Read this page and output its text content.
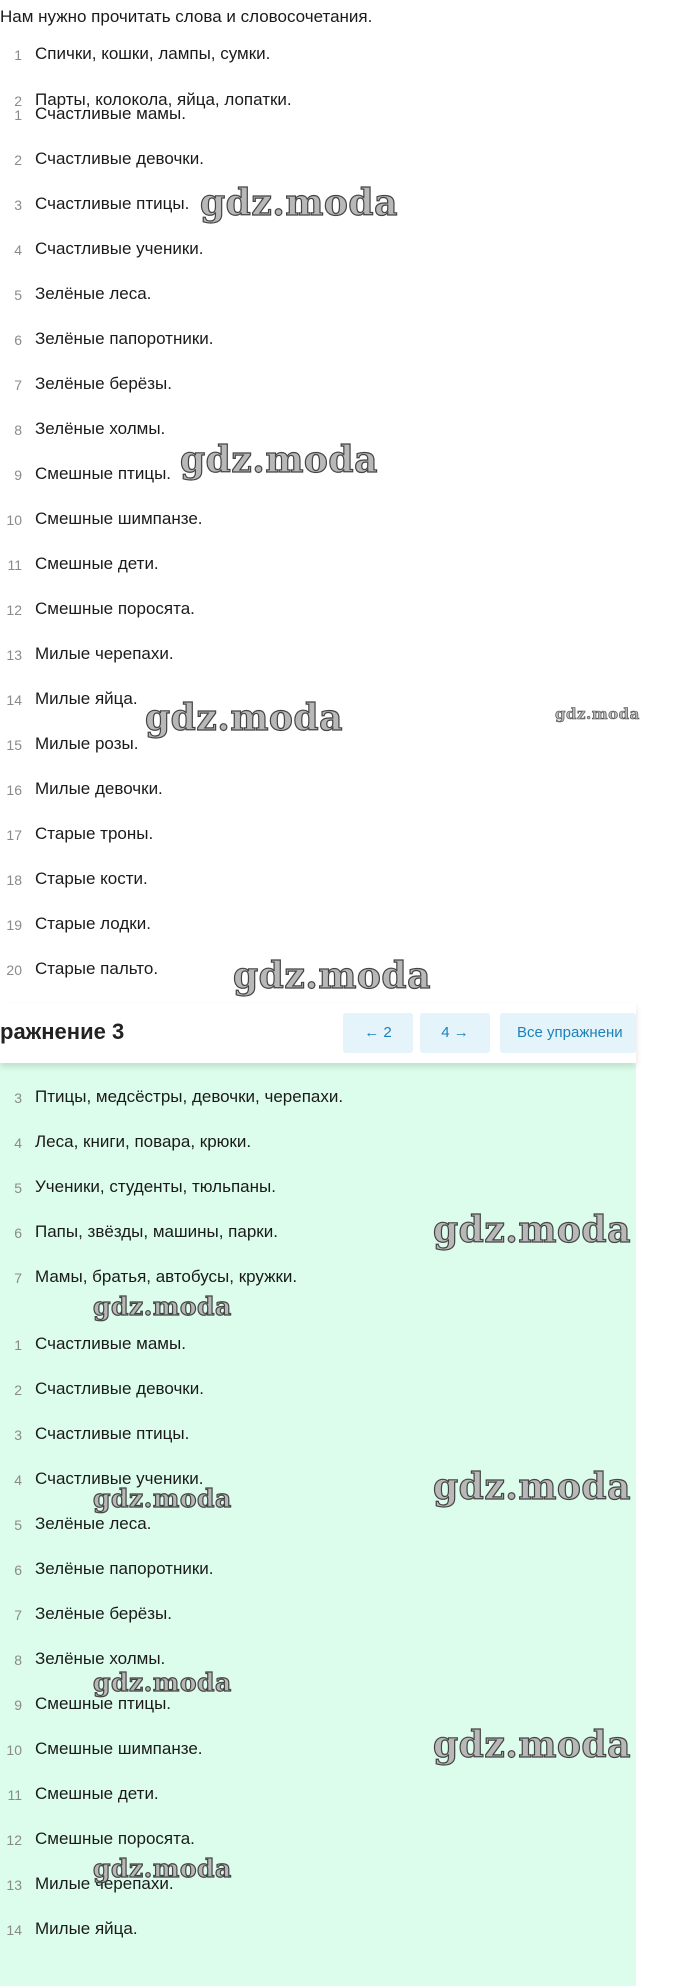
Нам нужно прочитать слова и словосочетания.
1 Спички, кошки, лампы, сумки.
2 Парты, колокола, яйца, лопатки.
1 Счастливые мамы.
2 Счастливые девочки.
3 Счастливые птицы.
4 Счастливые ученики.
5 Зелёные леса.
6 Зелёные папоротники.
7 Зелёные берёзы.
8 Зелёные холмы.
9 Смешные птицы.
10 Смешные шимпанзе.
11 Смешные дети.
12 Смешные поросята.
13 Милые черепахи.
14 Милые яйца.
15 Милые розы.
16 Милые девочки.
17 Старые троны.
18 Старые кости.
19 Старые лодки.
20 Старые пальто.
gdz.moda
gdz.moda
gdz.moda	gdz.moda
gdz.moda
ражнение 3	← 2	4 →	Все упражнени
3 Птицы, медсёстры, девочки, черепахи.
4 Леса, книги, повара, крюки.
5 Ученики, студенты, тюльпаны.
6 Папы, звёзды, машины, парки.
7 Мамы, братья, автобусы, кружки.
1 Счастливые мамы.
2 Счастливые девочки.
3 Счастливые птицы.
4 Счастливые ученики.
5 Зелёные леса.
6 Зелёные папоротники.
7 Зелёные берёзы.
8 Зелёные холмы.
9 Смешные птицы.
10 Смешные шимпанзе.
11 Смешные дети.
12 Смешные поросята.
13 Милые черепахи.
14 Милые яйца.
gdz.moda
gdz.moda
gdz.moda
gdz.moda
gdz.moda
gdz.moda
gdz.moda
